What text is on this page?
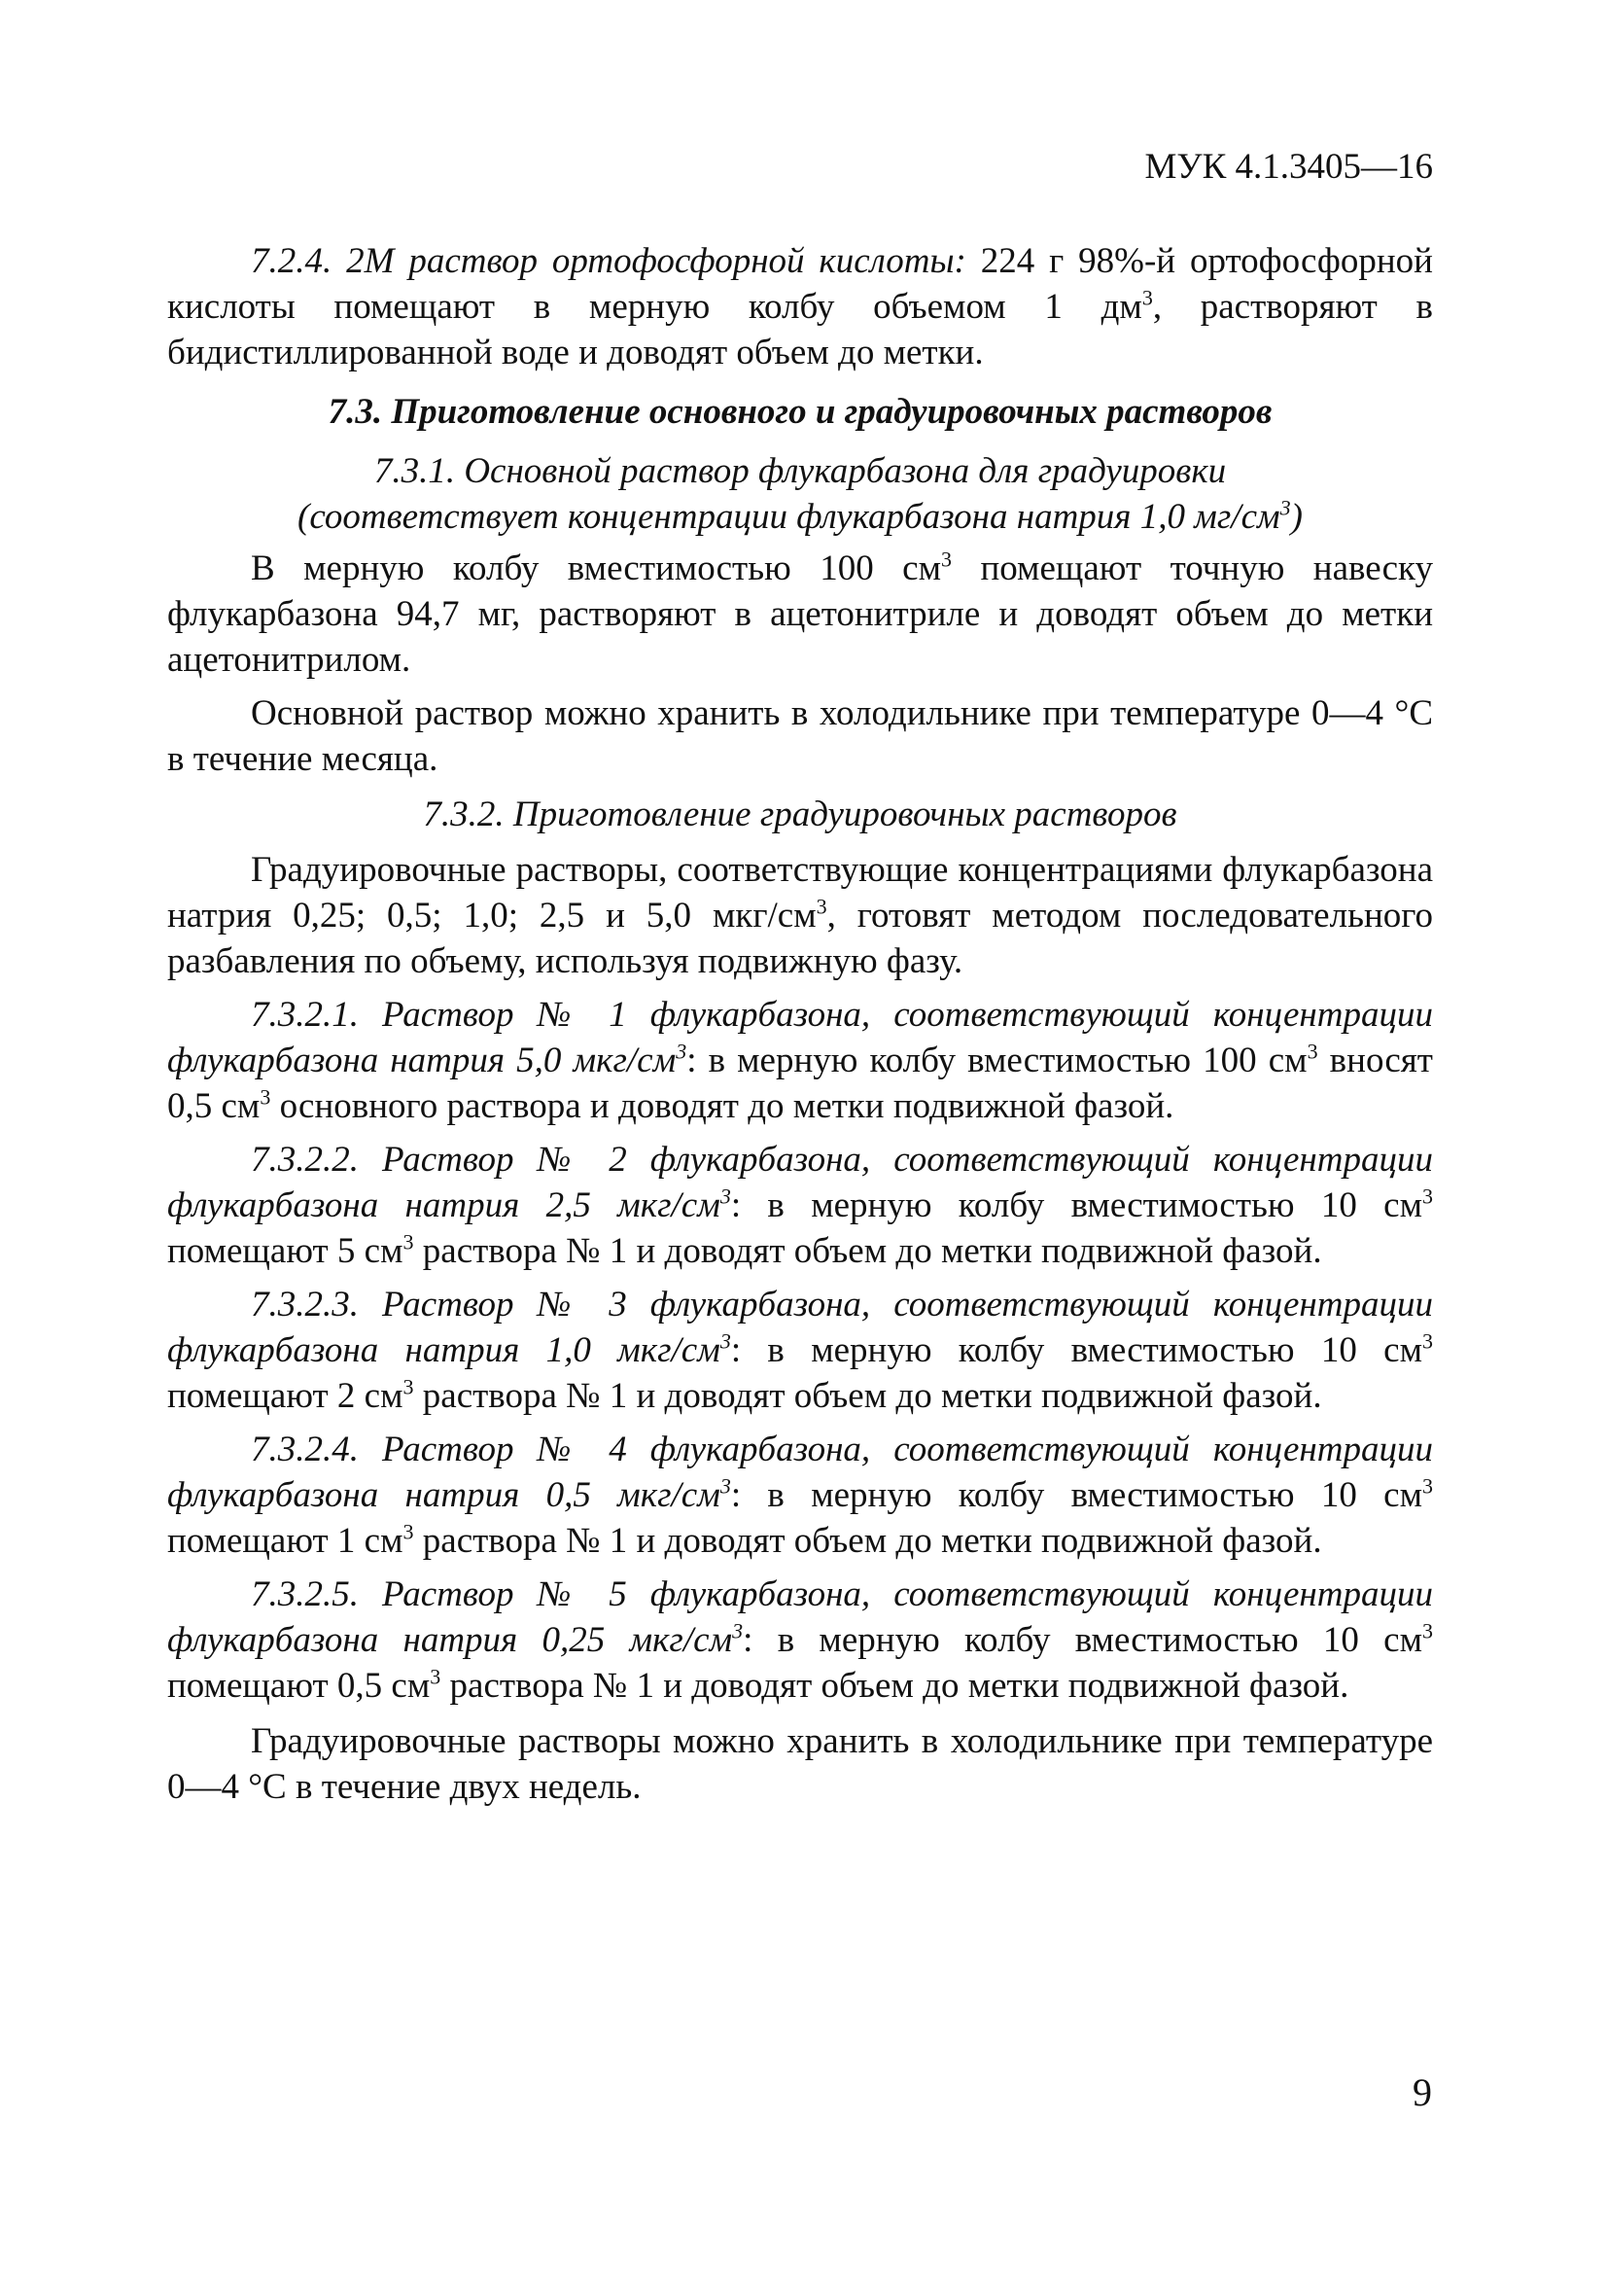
МУК 4.1.3405—16

7.2.4. 2М раствор ортофосфорной кислоты: 224 г 98%-й ортофосфорной кислоты помещают в мерную колбу объемом 1 $дм^3$, растворяют в бидистиллированной воде и доводят объем до метки.

7.3. Приготовление основного и градуировочных растворов

7.3.1. Основной раствор флукарбазона для градуировки
(соответствует концентрации флукарбазона натрия 1,0 $мг/см^3$)

В мерную колбу вместимостью 100 $см^3$ помещают точную навеску флукарбазона 94,7 мг, растворяют в ацетонитриле и доводят объем до метки ацетонитрилом.

Основной раствор можно хранить в холодильнике при температуре 0—4 °С в течение месяца.

7.3.2. Приготовление градуировочных растворов

Градуировочные растворы, соответствующие концентрациями флукарбазона натрия 0,25; 0,5; 1,0; 2,5 и 5,0 мкг/$см^3$, готовят методом последовательного разбавления по объему, используя подвижную фазу.

7.3.2.1. Раствор № 1 флукарбазона, соответствующий концентрации флукарбазона натрия 5,0 мкг/$см^3$: в мерную колбу вместимостью 100 $см^3$ вносят 0,5 $см^3$ основного раствора и доводят до метки подвижной фазой.

7.3.2.2. Раствор № 2 флукарбазона, соответствующий концентрации флукарбазона натрия 2,5 мкг/$см^3$: в мерную колбу вместимостью 10 $см^3$ помещают 5 $см^3$ раствора № 1 и доводят объем до метки подвижной фазой.

7.3.2.3. Раствор № 3 флукарбазона, соответствующий концентрации флукарбазона натрия 1,0 мкг/$см^3$: в мерную колбу вместимостью 10 $см^3$ помещают 2 $см^3$ раствора № 1 и доводят объем до метки подвижной фазой.

7.3.2.4. Раствор № 4 флукарбазона, соответствующий концентрации флукарбазона натрия 0,5 мкг/$см^3$: в мерную колбу вместимостью 10 $см^3$ помещают 1 $см^3$ раствора № 1 и доводят объем до метки подвижной фазой.

7.3.2.5. Раствор № 5 флукарбазона, соответствующий концентрации флукарбазона натрия 0,25 мкг/$см^3$: в мерную колбу вместимостью 10 $см^3$ помещают 0,5 $см^3$ раствора № 1 и доводят объем до метки подвижной фазой.

Градуировочные растворы можно хранить в холодильнике при температуре 0—4 °С в течение двух недель.

9
